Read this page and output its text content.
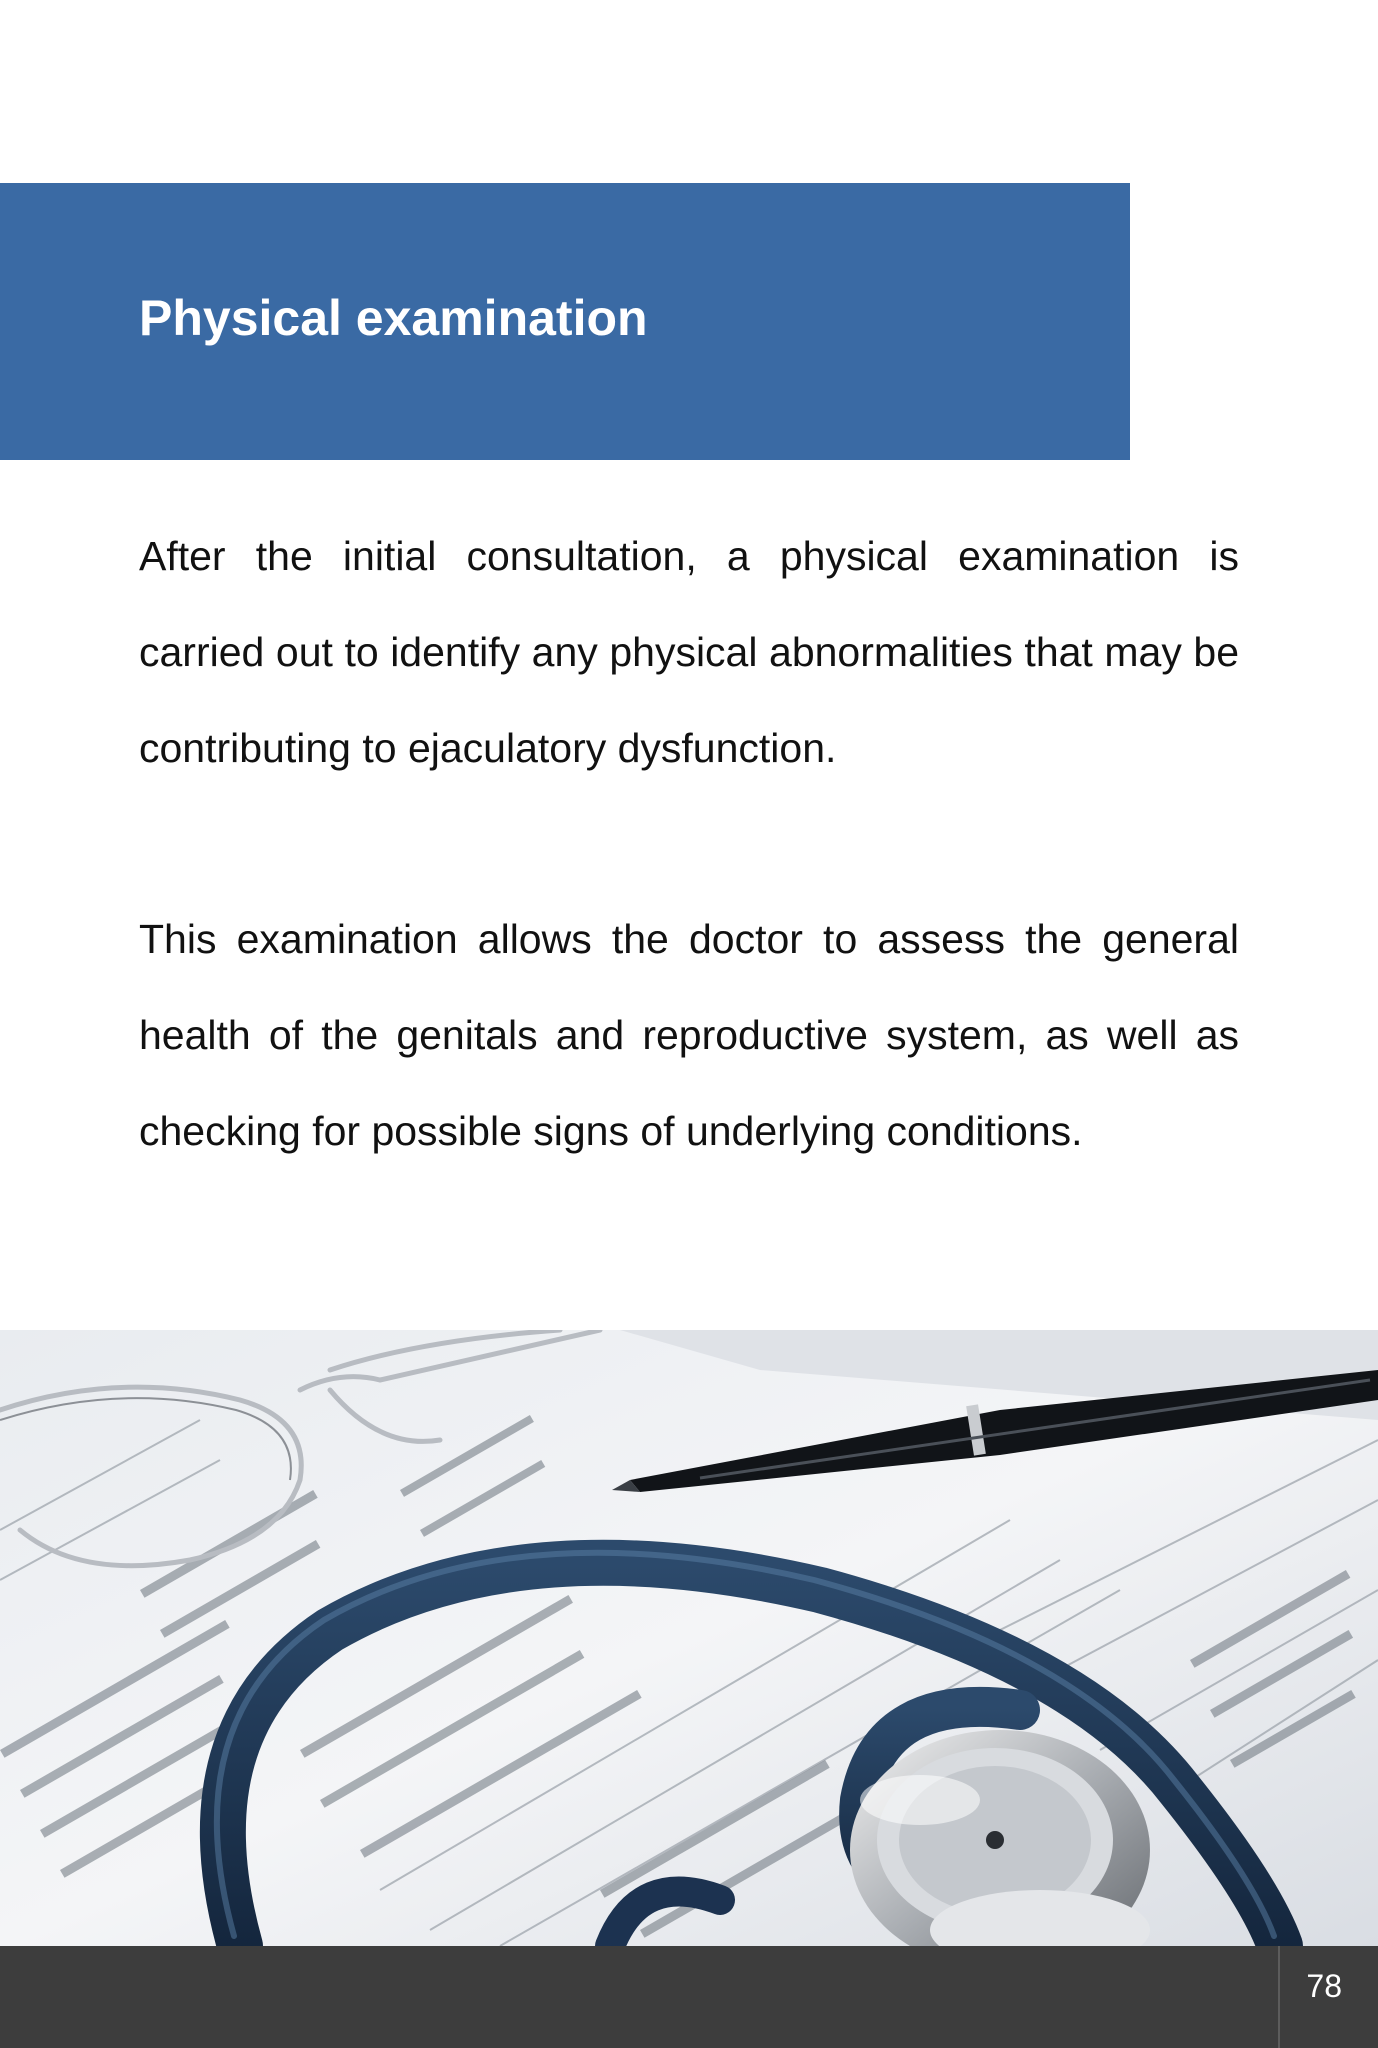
Physical examination

After the initial consultation, a physical examination is carried out to identify any physical abnormalities that may be contributing to ejaculatory dysfunction.

This examination allows the doctor to assess the general health of the genitals and reproductive system, as well as checking for possible signs of underlying conditions.

78
